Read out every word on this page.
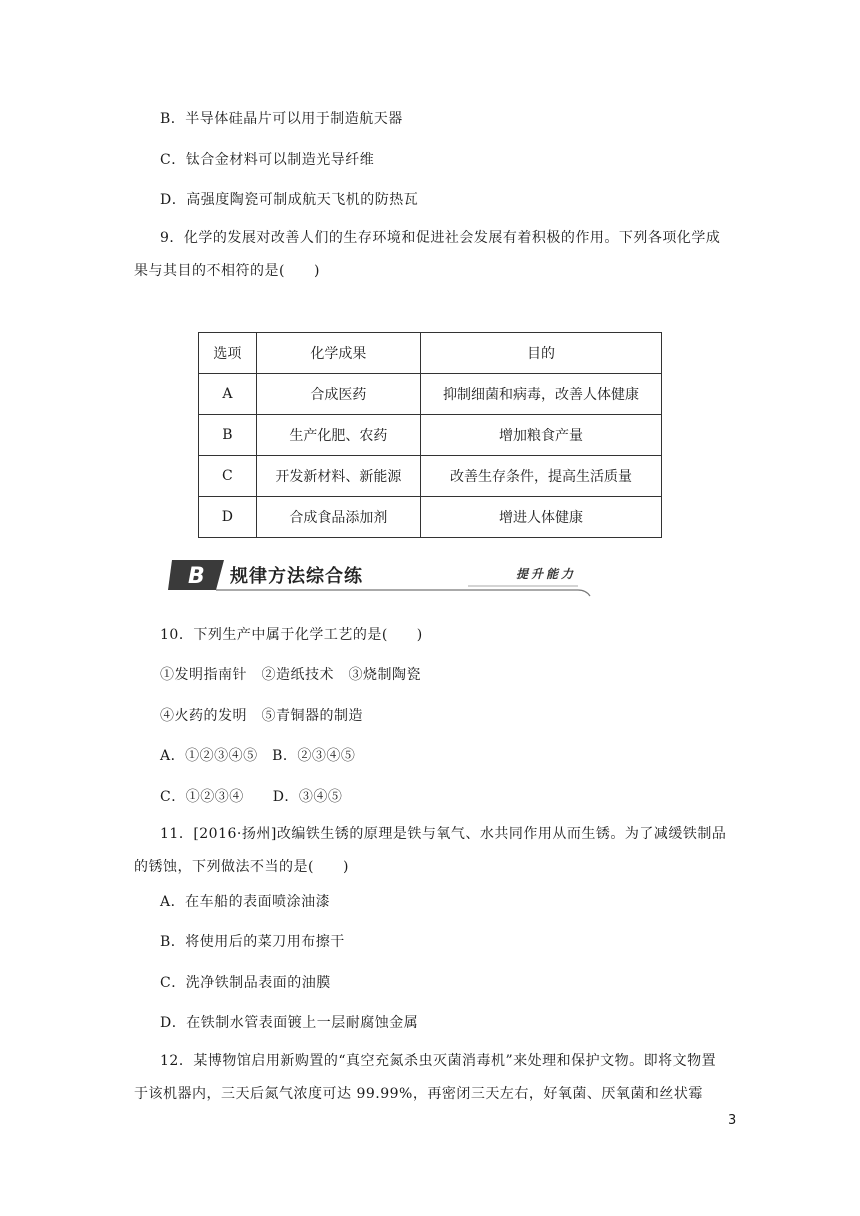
B．半导体硅晶片可以用于制造航天器
C．钛合金材料可以制造光导纤维
D．高强度陶瓷可制成航天飞机的防热瓦
9．化学的发展对改善人们的生存环境和促进社会发展有着积极的作用。下列各项化学成果与其目的不相符的是(　　)
选项	化学成果	目的
A	合成医药	抑制细菌和病毒，改善人体健康
B	生产化肥、农药	增加粮食产量
C	开发新材料、新能源	改善生存条件，提高生活质量
D	合成食品添加剂	增进人体健康
B 规律方法综合练	提升能力
10．下列生产中属于化学工艺的是(　　)
①发明指南针　②造纸技术　③烧制陶瓷
④火药的发明　⑤青铜器的制造
A．①②③④⑤　B．②③④⑤
C．①②③④　　D．③④⑤
11．[2016·扬州]改编铁生锈的原理是铁与氧气、水共同作用从而生锈。为了减缓铁制品的锈蚀，下列做法不当的是(　　)
A．在车船的表面喷涂油漆
B．将使用后的菜刀用布擦干
C．洗净铁制品表面的油膜
D．在铁制水管表面镀上一层耐腐蚀金属
12．某博物馆启用新购置的“真空充氮杀虫灭菌消毒机”来处理和保护文物。即将文物置于该机器内，三天后氮气浓度可达 99.99%，再密闭三天左右，好氧菌、厌氧菌和丝状霉
3
